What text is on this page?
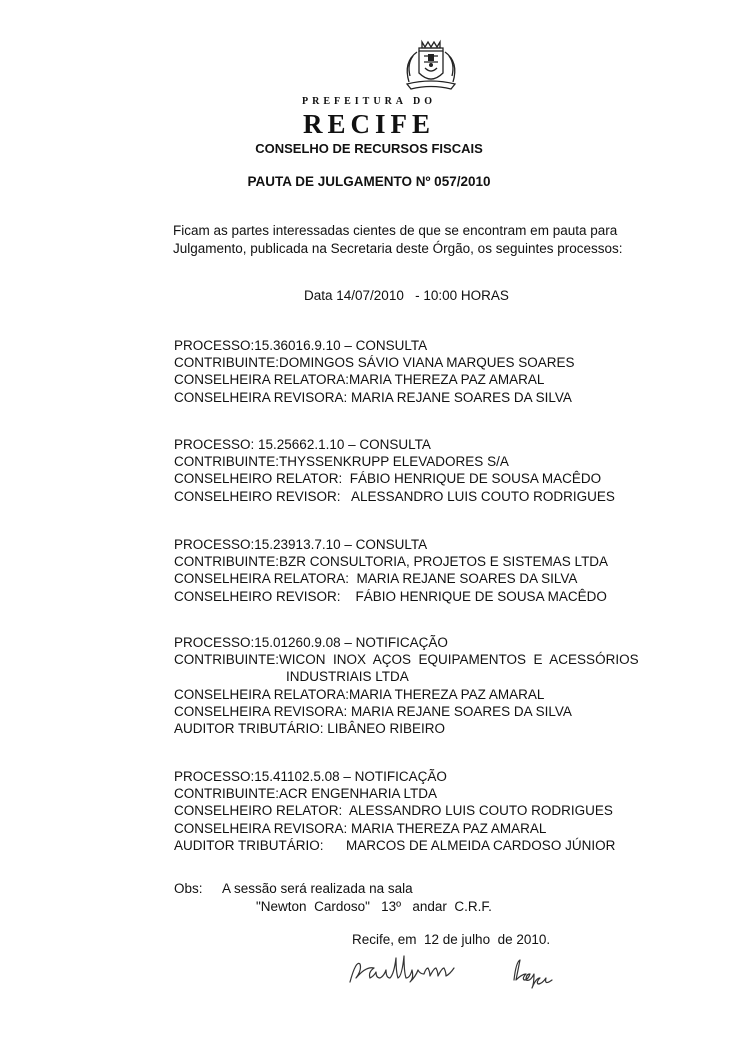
PREFEITURA DO
RECIFE
CONSELHO DE RECURSOS FISCAIS
PAUTA DE JULGAMENTO Nº 057/2010
Ficam as partes interessadas cientes de que se encontram em pauta para Julgamento, publicada na Secretaria deste Órgão, os seguintes processos:
Data 14/07/2010   - 10:00 HORAS
PROCESSO:15.36016.9.10 – CONSULTA
CONTRIBUINTE:DOMINGOS SÁVIO VIANA MARQUES SOARES
CONSELHEIRA RELATORA:MARIA THEREZA PAZ AMARAL
CONSELHEIRA REVISORA: MARIA REJANE SOARES DA SILVA
PROCESSO: 15.25662.1.10 – CONSULTA
CONTRIBUINTE:THYSSENKRUPP ELEVADORES S/A
CONSELHEIRO RELATOR:  FÁBIO HENRIQUE DE SOUSA MACÊDO
CONSELHEIRO REVISOR:   ALESSANDRO LUIS COUTO RODRIGUES
PROCESSO:15.23913.7.10 – CONSULTA
CONTRIBUINTE:BZR CONSULTORIA, PROJETOS E SISTEMAS LTDA
CONSELHEIRA RELATORA:  MARIA REJANE SOARES DA SILVA
CONSELHEIRO REVISOR:    FÁBIO HENRIQUE DE SOUSA MACÊDO
PROCESSO:15.01260.9.08 – NOTIFICAÇÃO
CONTRIBUINTE:WICON  INOX  AÇOS  EQUIPAMENTOS  E  ACESSÓRIOS
INDUSTRIAIS LTDA
CONSELHEIRA RELATORA:MARIA THEREZA PAZ AMARAL
CONSELHEIRA REVISORA: MARIA REJANE SOARES DA SILVA
AUDITOR TRIBUTÁRIO: LIBÂNEO RIBEIRO
PROCESSO:15.41102.5.08 – NOTIFICAÇÃO
CONTRIBUINTE:ACR ENGENHARIA LTDA
CONSELHEIRO RELATOR:  ALESSANDRO LUIS COUTO RODRIGUES
CONSELHEIRA REVISORA: MARIA THEREZA PAZ AMARAL
AUDITOR TRIBUTÁRIO:      MARCOS DE ALMEIDA CARDOSO JÚNIOR
Obs: A sessão será realizada na sala
"Newton  Cardoso"   13º   andar  C.R.F.
Recife, em  12 de julho  de 2010.
